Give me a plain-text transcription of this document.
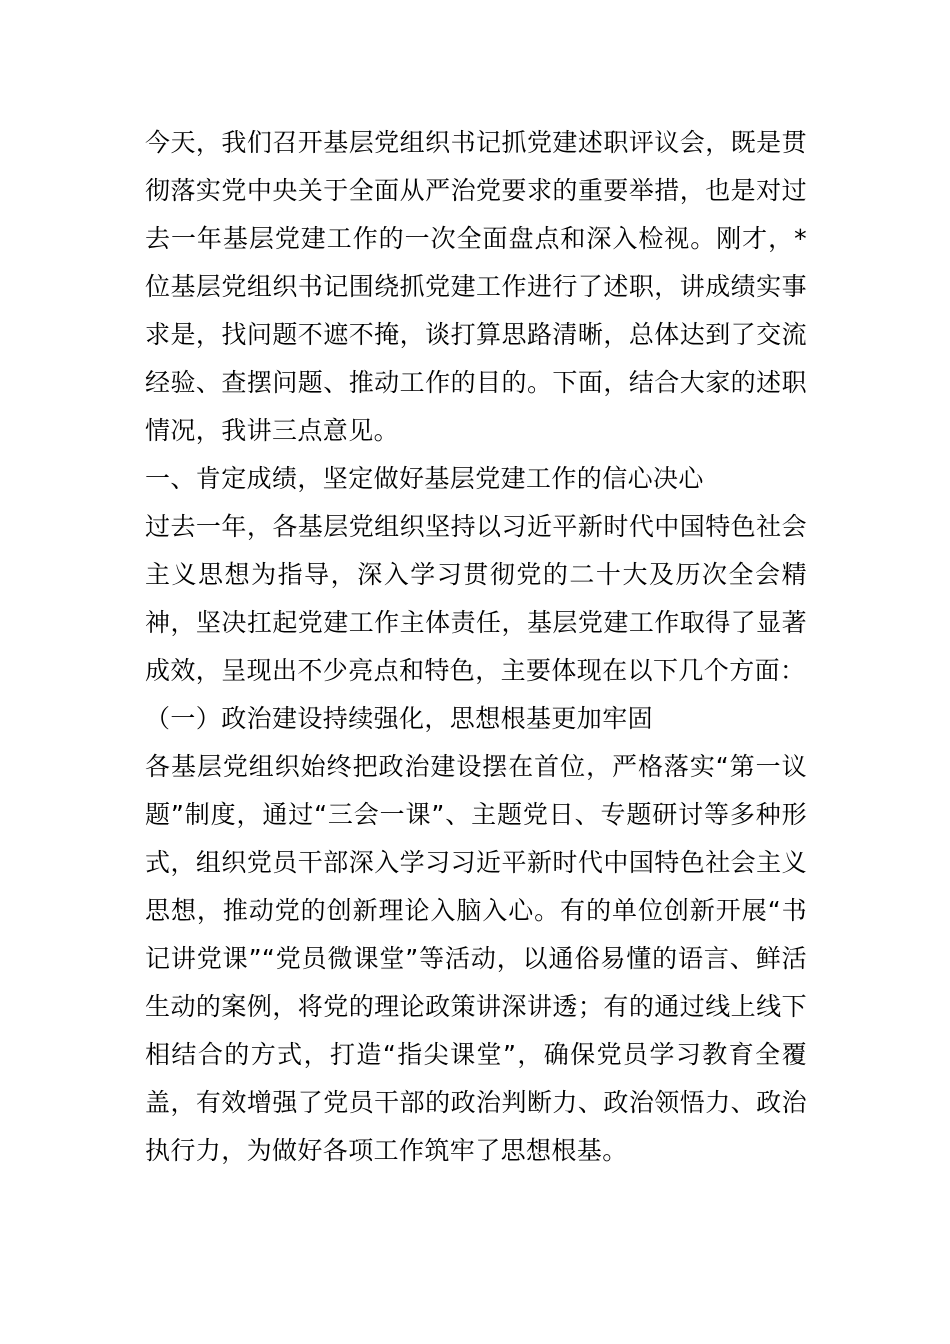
今天，我们召开基层党组织书记抓党建述职评议会，既是贯彻落实党中央关于全面从严治党要求的重要举措，也是对过去一年基层党建工作的一次全面盘点和深入检视。刚才，* 位基层党组织书记围绕抓党建工作进行了述职，讲成绩实事求是，找问题不遮不掩，谈打算思路清晰，总体达到了交流经验、查摆问题、推动工作的目的。下面，结合大家的述职情况，我讲三点意见。

一、肯定成绩，坚定做好基层党建工作的信心决心

过去一年，各基层党组织坚持以习近平新时代中国特色社会主义思想为指导，深入学习贯彻党的二十大及历次全会精神，坚决扛起党建工作主体责任，基层党建工作取得了显著成效，呈现出不少亮点和特色，主要体现在以下几个方面：

（一）政治建设持续强化，思想根基更加牢固

各基层党组织始终把政治建设摆在首位，严格落实“第一议题”制度，通过“三会一课”、主题党日、专题研讨等多种形式，组织党员干部深入学习习近平新时代中国特色社会主义思想，推动党的创新理论入脑入心。有的单位创新开展“书记讲党课”“党员微课堂”等活动，以通俗易懂的语言、鲜活生动的案例，将党的理论政策讲深讲透；有的通过线上线下相结合的方式，打造“指尖课堂”，确保党员学习教育全覆盖，有效增强了党员干部的政治判断力、政治领悟力、政治执行力，为做好各项工作筑牢了思想根基。
